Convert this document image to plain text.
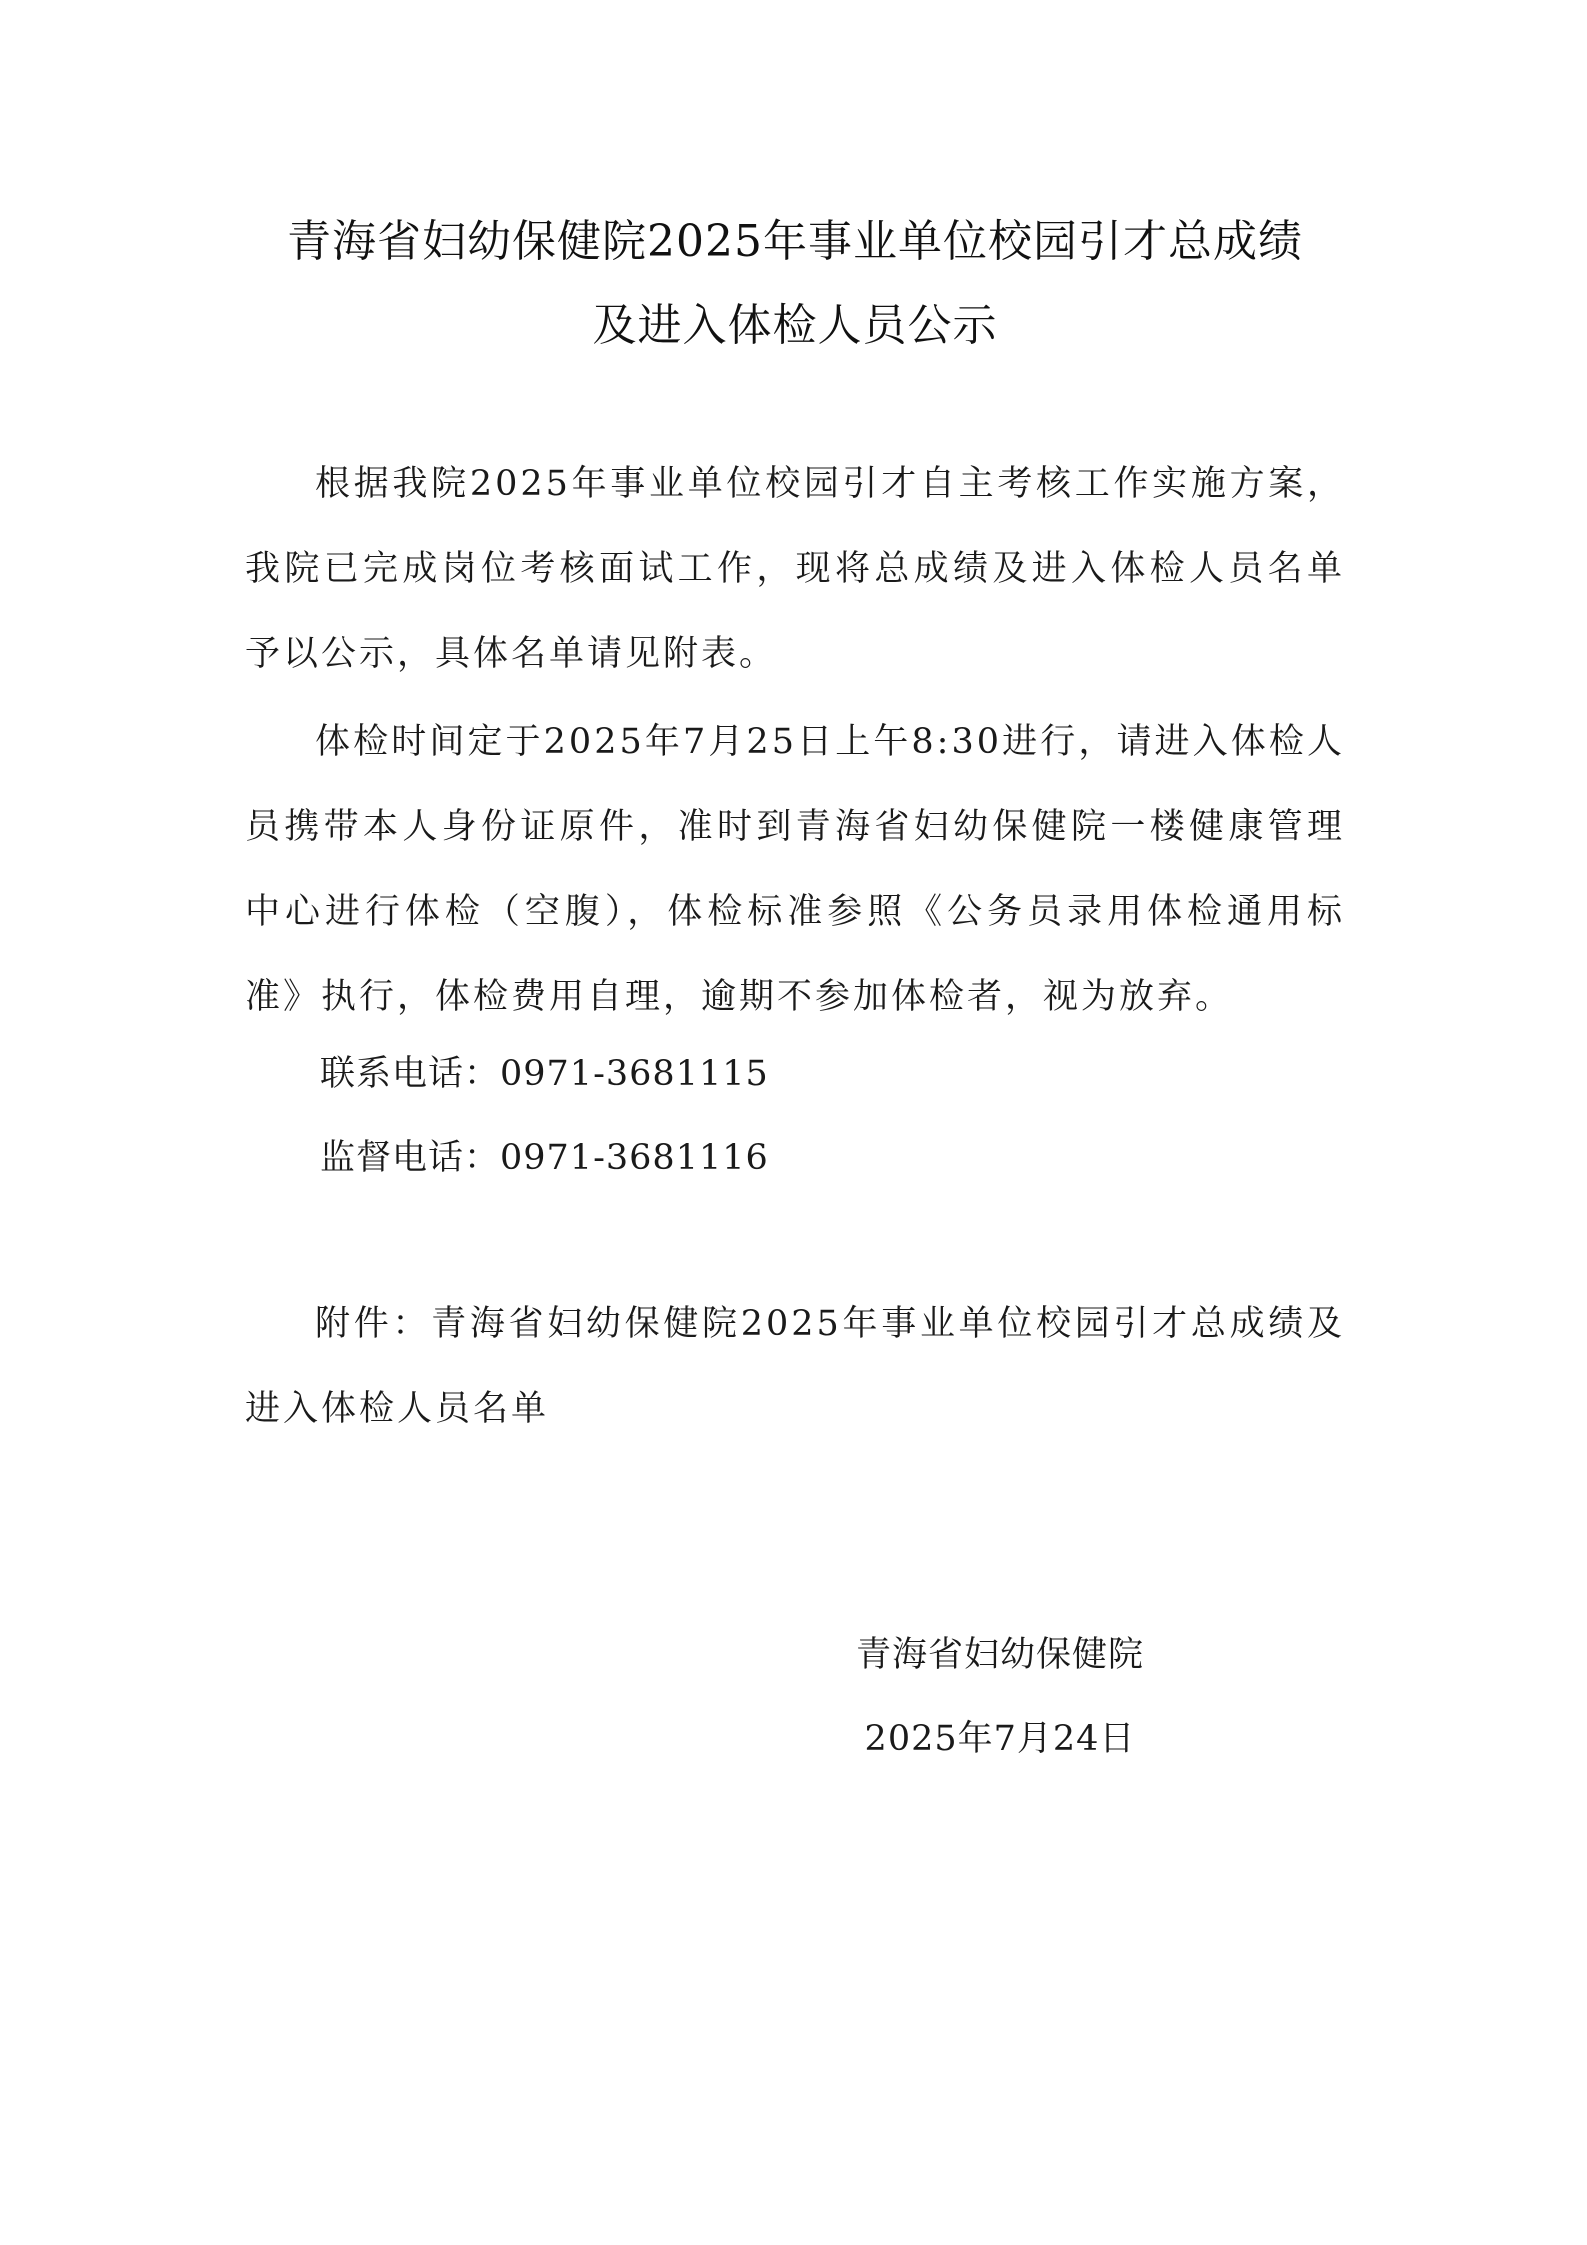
青海省妇幼保健院2025年事业单位校园引才总成绩
及进入体检人员公示

根据我院2025年事业单位校园引才自主考核工作实施方案，我院已完成岗位考核面试工作，现将总成绩及进入体检人员名单予以公示，具体名单请见附表。

体检时间定于2025年7月25日上午8:30进行，请进入体检人员携带本人身份证原件，准时到青海省妇幼保健院一楼健康管理中心进行体检（空腹），体检标准参照《公务员录用体检通用标准》执行，体检费用自理，逾期不参加体检者，视为放弃。

联系电话：0971-3681115
监督电话：0971-3681116
附件：青海省妇幼保健院2025年事业单位校园引才总成绩及进入体检人员名单
青海省妇幼保健院
2025年7月24日
